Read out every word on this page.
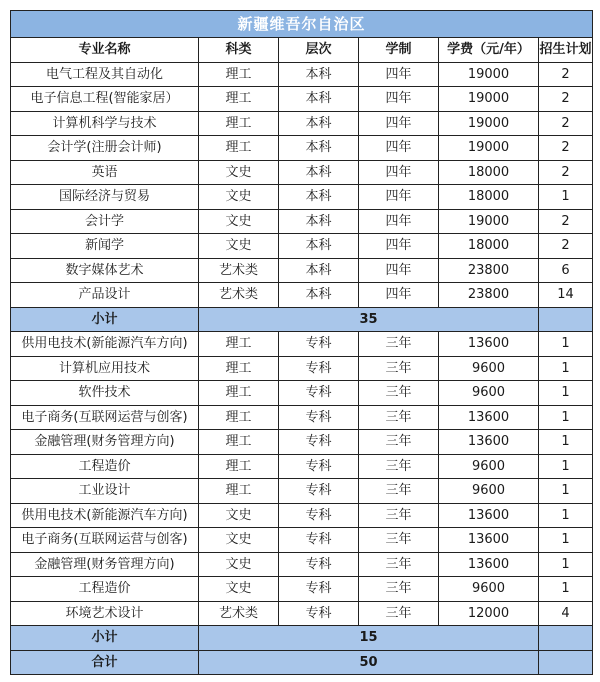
新疆维吾尔自治区					
专业名称	科类	层次	学制	学费（元/年）	招生计划
电气工程及其自动化	理工	本科	四年	19000	2
电子信息工程(智能家居）	理工	本科	四年	19000	2
计算机科学与技术	理工	本科	四年	19000	2
会计学(注册会计师)	理工	本科	四年	19000	2
英语	文史	本科	四年	18000	2
国际经济与贸易	文史	本科	四年	18000	1
会计学	文史	本科	四年	19000	2
新闻学	文史	本科	四年	18000	2
数字媒体艺术	艺术类	本科	四年	23800	6
产品设计	艺术类	本科	四年	23800	14
小计	35				
供用电技术(新能源汽车方向)	理工	专科	三年	13600	1
计算机应用技术	理工	专科	三年	9600	1
软件技术	理工	专科	三年	9600	1
电子商务(互联网运营与创客)	理工	专科	三年	13600	1
金融管理(财务管理方向)	理工	专科	三年	13600	1
工程造价	理工	专科	三年	9600	1
工业设计	理工	专科	三年	9600	1
供用电技术(新能源汽车方向)	文史	专科	三年	13600	1
电子商务(互联网运营与创客)	文史	专科	三年	13600	1
金融管理(财务管理方向)	文史	专科	三年	13600	1
工程造价	文史	专科	三年	9600	1
环境艺术设计	艺术类	专科	三年	12000	4
小计	15				
合计	50				
